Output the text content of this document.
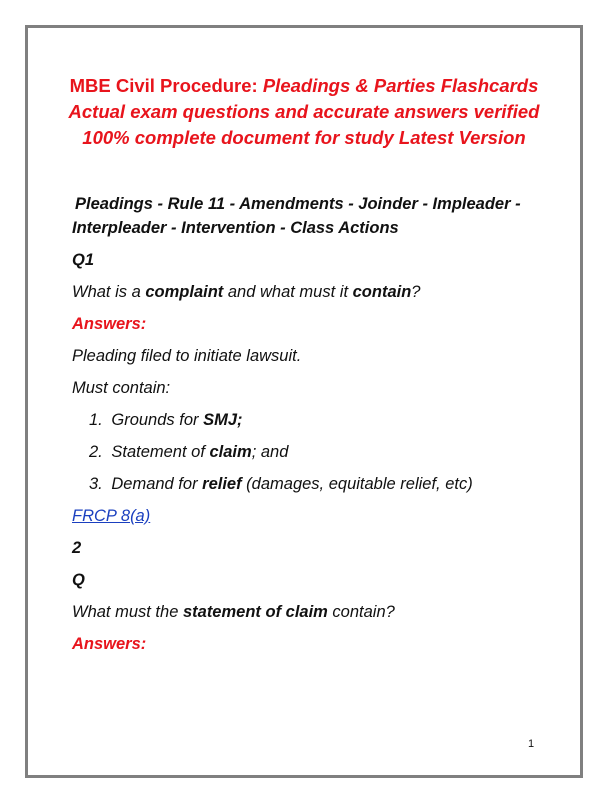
MBE Civil Procedure: Pleadings & Parties Flashcards
Actual exam questions and accurate answers verified
100% complete document for study Latest Version
Pleadings - Rule 11 - Amendments - Joinder - Impleader -
Interpleader - Intervention - Class Actions
Q1
What is a complaint and what must it contain?
Answers:
Pleading filed to initiate lawsuit.
Must contain:
1. Grounds for SMJ;
2. Statement of claim; and
3. Demand for relief (damages, equitable relief, etc)
FRCP 8(a)
2
Q
What must the statement of claim contain?
Answers:
1
